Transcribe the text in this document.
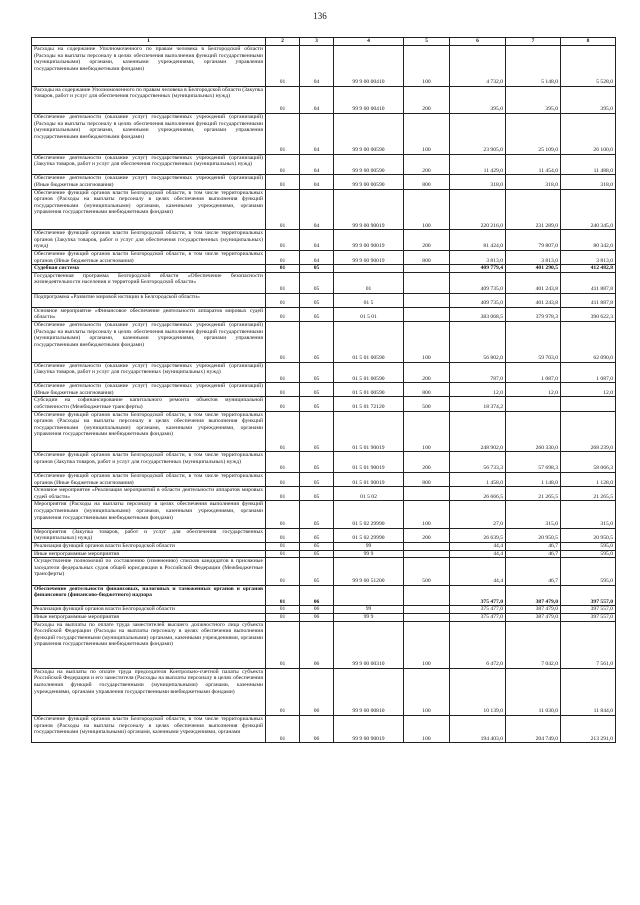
136
1	2	3	4	5	6	7	8
Расходы на содержание Уполномоченного по правам человека в Белгородской области (Расходы на выплаты персоналу в целях обеспечения выполнения функций государственными (муниципальными) органами, казенными учреждениями, органами управления государственными внебюджетными фондами)	01	04	99 9 00 00410	100	4 732,0	5 148,0	5 528,0
Расходы на содержание Уполномоченного по правам человека в Белгородской области (Закупка товаров, работ и услуг для обеспечения государственных (муниципальных) нужд)	01	04	99 9 00 00410	200	395,0	395,0	395,0
Обеспечение деятельности (оказание услуг) государственных учреждений (организаций) (Расходы на выплаты персоналу в целях обеспечения выполнения функций государственными (муниципальными) органами, казенными учреждениями, органами управления государственными внебюджетными фондами)	01	04	99 9 00 00590	100	23 905,0	25 109,0	26 100,0
Обеспечение деятельности (оказание услуг) государственных учреждений (организаций) (Закупка товаров, работ и услуг для обеспечения государственных (муниципальных) нужд)	01	04	99 9 00 00590	200	11 429,0	11 454,0	11 488,0
Обеспечение деятельности (оказание услуг) государственных учреждений (организаций) (Иные бюджетные ассигнования)	01	04	99 9 00 00590	800	318,0	318,0	318,0
Обеспечение функций органов власти Белгородской области, в том числе территориальных органов (Расходы на выплаты персоналу в целях обеспечения выполнения функций государственными (муниципальными) органами, казенными учреждениями, органами управления государственными внебюджетными фондами)	01	04	99 9 00 90019	100	220 216,0	231 289,0	240 345,0
Обеспечение функций органов власти Белгородской области, в том числе территориальных органов (Закупка товаров, работ и услуг для обеспечения государственных (муниципальных) нужд)	01	04	99 9 00 90019	200	81 424,0	79 807,0	80 342,0
Обеспечение функций органов власти Белгородской области, в том числе территориальных органов (Иные бюджетные ассигнования)	01	04	99 9 00 90019	800	3 813,0	3 813,0	3 813,0
Судебная система	01	05			409 779,4	401 290,5	412 482,8
Государственная программа Белгородской области «Обеспечение безопасности жизнедеятельности населения и территорий Белгородской области»	01	05	01		409 735,0	401 243,8	411 887,8
Подпрограмма «Развитие мировой юстиции в Белгородской области»	01	05	01 5		409 735,0	401 243,8	411 887,8
Основное мероприятие «Финансовое обеспечение деятельности аппаратов мировых судей области»	01	05	01 5 01		383 068,5	379 978,3	390 622,3
Обеспечение деятельности (оказание услуг) государственных учреждений (организаций) (Расходы на выплаты персоналу в целях обеспечения выполнения функций государственными (муниципальными) органами, казенными учреждениями, органами управления государственными внебюджетными фондами)	01	05	01 5 01 00590	100	56 802,0	59 703,0	62 090,0
Обеспечение деятельности (оказание услуг) государственных учреждений (организаций) (Закупка товаров, работ и услуг для государственных (муниципальных) нужд)	01	05	01 5 01 00590	200	787,0	1 087,0	1 087,0
Обеспечение деятельности (оказание услуг) государственных учреждений (организаций) (Иные бюджетные ассигнования)	01	05	01 5 01 00590	800	12,0	12,0	12,0
Субсидии на софинансирование капитального ремонта объектов муниципальной собственности (Межбюджетные трансферты)	01	05	01 5 01 72120	500	18 374,2		
Обеспечение функций органов власти Белгородской области, в том числе территориальных органов (Расходы на выплаты персоналу в целях обеспечения выполнения функций государственными (муниципальными) органами, казенными учреждениями, органами управления государственными внебюджетными фондами)	01	05	01 5 01 90019	100	248 902,0	260 330,0	268 239,0
Обеспечение функций органов власти Белгородской области, в том числе территориальных органов (Закупка товаров, работ и услуг для государственных (муниципальных) нужд)	01	05	01 5 01 90019	200	56 733,3	57 698,3	58 066,3
Обеспечение функций органов власти Белгородской области, в том числе территориальных органов (Иные бюджетные ассигнования)	01	05	01 5 01 90019	800	1 458,0	1 148,0	1 128,0
Основное мероприятие «Реализация мероприятий в области деятельности аппаратов мировых судей области»	01	05	01 5 02		26 666,5	21 265,5	21 265,5
Мероприятия (Расходы на выплаты персоналу в целях обеспечения выполнения функций государственными (муниципальными) органами, казенными учреждениями, органами управления государственными внебюджетными фондами)	01	05	01 5 02 29990	100	27,0	315,0	315,0
Мероприятия (Закупка товаров, работ и услуг для обеспечения государственных (муниципальных) нужд)	01	05	01 5 02 29990	200	26 639,5	20 950,5	20 950,5
Реализация функций органов власти Белгородской области	01	05	99		44,4	46,7	595,0
Иные непрограммные мероприятия	01	05	99 9		44,4	46,7	595,0
Осуществление полномочий по составлению (изменению) списков кандидатов в присяжные заседатели федеральных судов общей юрисдикции в Российской Федерации (Межбюджетные трансферты)	01	05	99 9 00 51200	500	44,4	46,7	595,0
Обеспечение деятельности финансовых, налоговых и таможенных органов и органов финансового (финансово-бюджетного) надзора	01	06			375 477,0	387 479,0	397 557,0
Реализация функций органов власти Белгородской области	01	06	99		375 477,0	387 479,0	397 557,0
Иные непрограммные мероприятия	01	06	99 9		375 477,0	387 479,0	397 557,0
Расходы на выплаты по оплате труда заместителей высшего должностного лица субъекта Российской Федерации (Расходы на выплаты персоналу в целях обеспечения выполнения функций государственными (муниципальными) органами, казенными учреждениями, органами управления государственными внебюджетными фондами)	01	06	99 9 00 00310	100	6 472,0	7 042,0	7 561,0
Расходы на выплаты по оплате труда председателя Контрольно-счетной палаты субъекта Российской Федерации и его заместителя (Расходы на выплаты персоналу в целях обеспечения выполнения функций государственными (муниципальными) органами, казенными учреждениями, органами управления государственными внебюджетными фондами)	01	06	99 9 00 00810	100	10 139,0	11 030,0	11 844,0
Обеспечение функций органов власти Белгородской области, в том числе территориальных органов (Расходы на выплаты персоналу в целях обеспечения выполнения функций государственными (муниципальными) органами, казенными учреждениями, органами	01	06	99 9 00 90019	100	194 403,0	204 749,0	213 291,0
